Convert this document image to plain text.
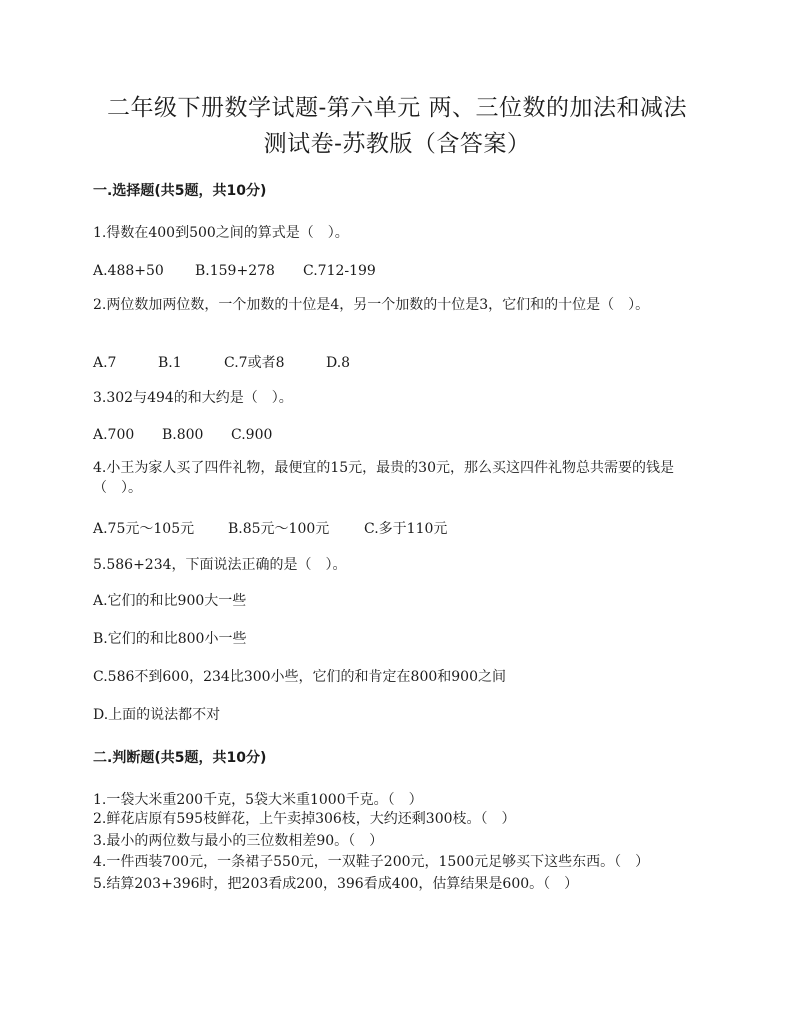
二年级下册数学试题-第六单元 两、三位数的加法和减法
测试卷-苏教版（含答案）
一.选择题(共5题，共10分)
1.得数在400到500之间的算式是（　）。
A.488+50 B.159+278 C.712-199
2.两位数加两位数，一个加数的十位是4，另一个加数的十位是3，它们和的十位是（　）。
A.7	B.1	C.7或者8	D.8
3.302与494的和大约是（　）。
A.700 B.800 C.900
4.小王为家人买了四件礼物，最便宜的15元，最贵的30元，那么买这四件礼物总共需要的钱是（　）。
A.75元～105元 B.85元～100元 C.多于110元
5.586+234，下面说法正确的是（　）。
A.它们的和比900大一些
B.它们的和比800小一些
C.586不到600，234比300小些，它们的和肯定在800和900之间
D.上面的说法都不对
二.判断题(共5题，共10分)
1.一袋大米重200千克，5袋大米重1000千克。（　）
2.鲜花店原有595枝鲜花，上午卖掉306枝，大约还剩300枝。（　）
3.最小的两位数与最小的三位数相差90。（　）
4.一件西装700元，一条裙子550元，一双鞋子200元，1500元足够买下这些东西。（　）
5.结算203+396时，把203看成200，396看成400，估算结果是600。（　）
